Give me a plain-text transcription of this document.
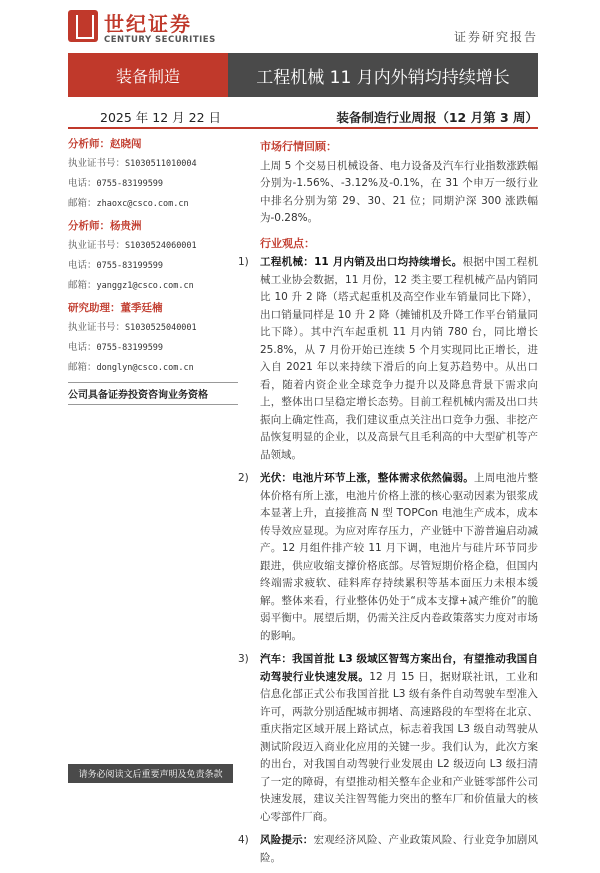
世纪证券
CENTURY SECURITIES	证券研究报告
装备制造	工程机械 11 月内外销均持续增长
2025 年 12 月 22 日	装备制造行业周报（12 月第 3 周）
分析师：赵晓闯
执业证书号：S1030511010004
电话：0755-83199599
邮箱：zhaoxc@csco.com.cn
分析师：杨贵洲
执业证书号：S1030524060001
电话：0755-83199599
邮箱：yanggz1@csco.com.cn
研究助理：董季廷楠
执业证书号：S1030525040001
电话：0755-83199599
邮箱：donglyn@csco.com.cn
公司具备证券投资咨询业务资格
市场行情回顾：
上周 5 个交易日机械设备、电力设备及汽车行业指数涨跌幅分别为-1.56%、-3.12%及-0.1%，在 31 个申万一级行业中排名分别为第 29、30、21 位；同期沪深 300 涨跌幅为-0.28%。
行业观点：
1) 工程机械：11 月内销及出口均持续增长。根据中国工程机械工业协会数据，11 月份，12 类主要工程机械产品内销同比 10 升 2 降（塔式起重机及高空作业车销量同比下降），出口销量同样是 10 升 2 降（摊铺机及升降工作平台销量同比下降）。其中汽车起重机 11 月内销 780 台，同比增长 25.8%，从 7 月份开始已连续 5 个月实现同比正增长，进入自 2021 年以来持续下滑后的向上复苏趋势中。从出口看，随着内资企业全球竞争力提升以及降息背景下需求向上，整体出口呈稳定增长态势。目前工程机械内需及出口共振向上确定性高，我们建议重点关注出口竞争力强、非挖产品恢复明显的企业，以及高景气且毛利高的中大型矿机等产品领域。
2) 光伏：电池片环节上涨，整体需求依然偏弱。上周电池片整体价格有所上涨，电池片价格上涨的核心驱动因素为银浆成本显著上升，直接推高 N 型 TOPCon 电池生产成本，成本传导效应显现。为应对库存压力，产业链中下游普遍启动减产。12 月组件排产较 11 月下调，电池片与硅片环节同步跟进，供应收缩支撑价格底部。尽管短期价格企稳，但国内终端需求疲软、硅料库存持续累积等基本面压力未根本缓解。整体来看，行业整体仍处于“成本支撑+减产维价”的脆弱平衡中。展望后期，仍需关注反内卷政策落实力度对市场的影响。
3) 汽车：我国首批 L3 级域区智驾方案出台，有望推动我国自动驾驶行业快速发展。12 月 15 日，据财联社讯，工业和信息化部正式公布我国首批 L3 级有条件自动驾驶车型准入许可，两款分别适配城市拥堵、高速路段的车型将在北京、重庆指定区域开展上路试点，标志着我国 L3 级自动驾驶从测试阶段迈入商业化应用的关键一步。我们认为，此次方案的出台，对我国自动驾驶行业发展由 L2 级迈向 L3 级扫清了一定的障碍，有望推动相关整车企业和产业链零部件公司快速发展，建议关注智驾能力突出的整车厂和价值量大的核心零部件厂商。
4) 风险提示：宏观经济风险、产业政策风险、行业竞争加剧风险。
请务必阅读文后重要声明及免责条款
